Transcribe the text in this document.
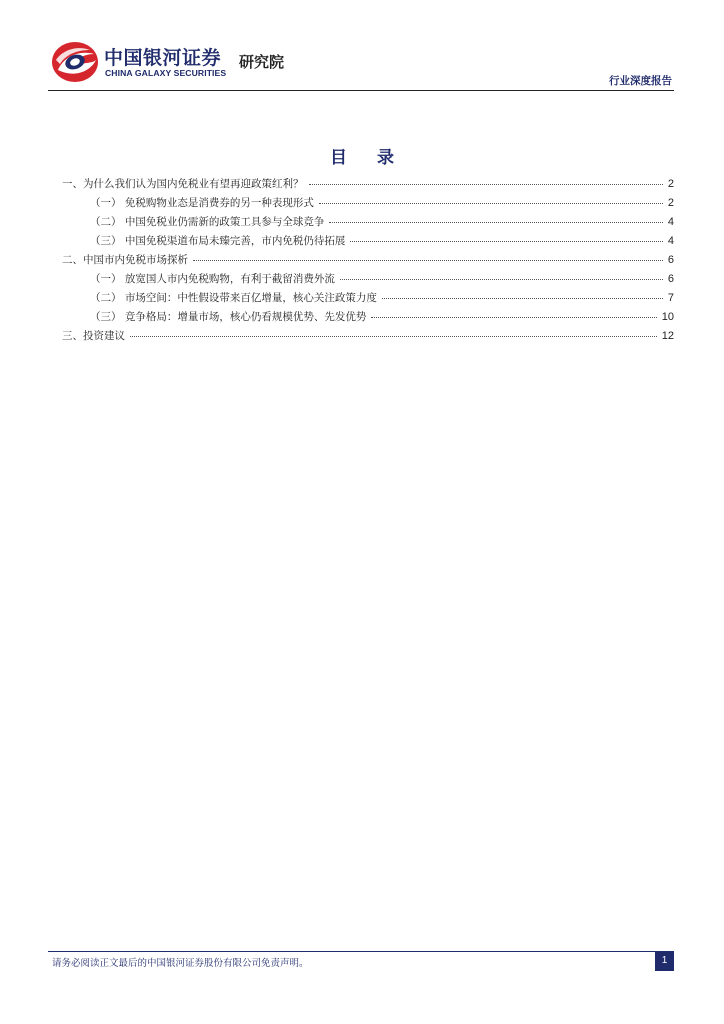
中国银河证券
CHINA GALAXY SECURITIES
研究院
行业深度报告
目 录
一、为什么我们认为国内免税业有望再迎政策红利？	2
（一） 免税购物业态是消费券的另一种表现形式	2
（二） 中国免税业仍需新的政策工具参与全球竞争	4
（三） 中国免税渠道布局未臻完善，市内免税仍待拓展	4
二、中国市内免税市场探析	6
（一） 放宽国人市内免税购物，有利于截留消费外流	6
（二） 市场空间：中性假设带来百亿增量，核心关注政策力度	7
（三） 竞争格局：增量市场，核心仍看规模优势、先发优势	10
三、投资建议	12
请务必阅读正文最后的中国银河证券股份有限公司免责声明。	1
